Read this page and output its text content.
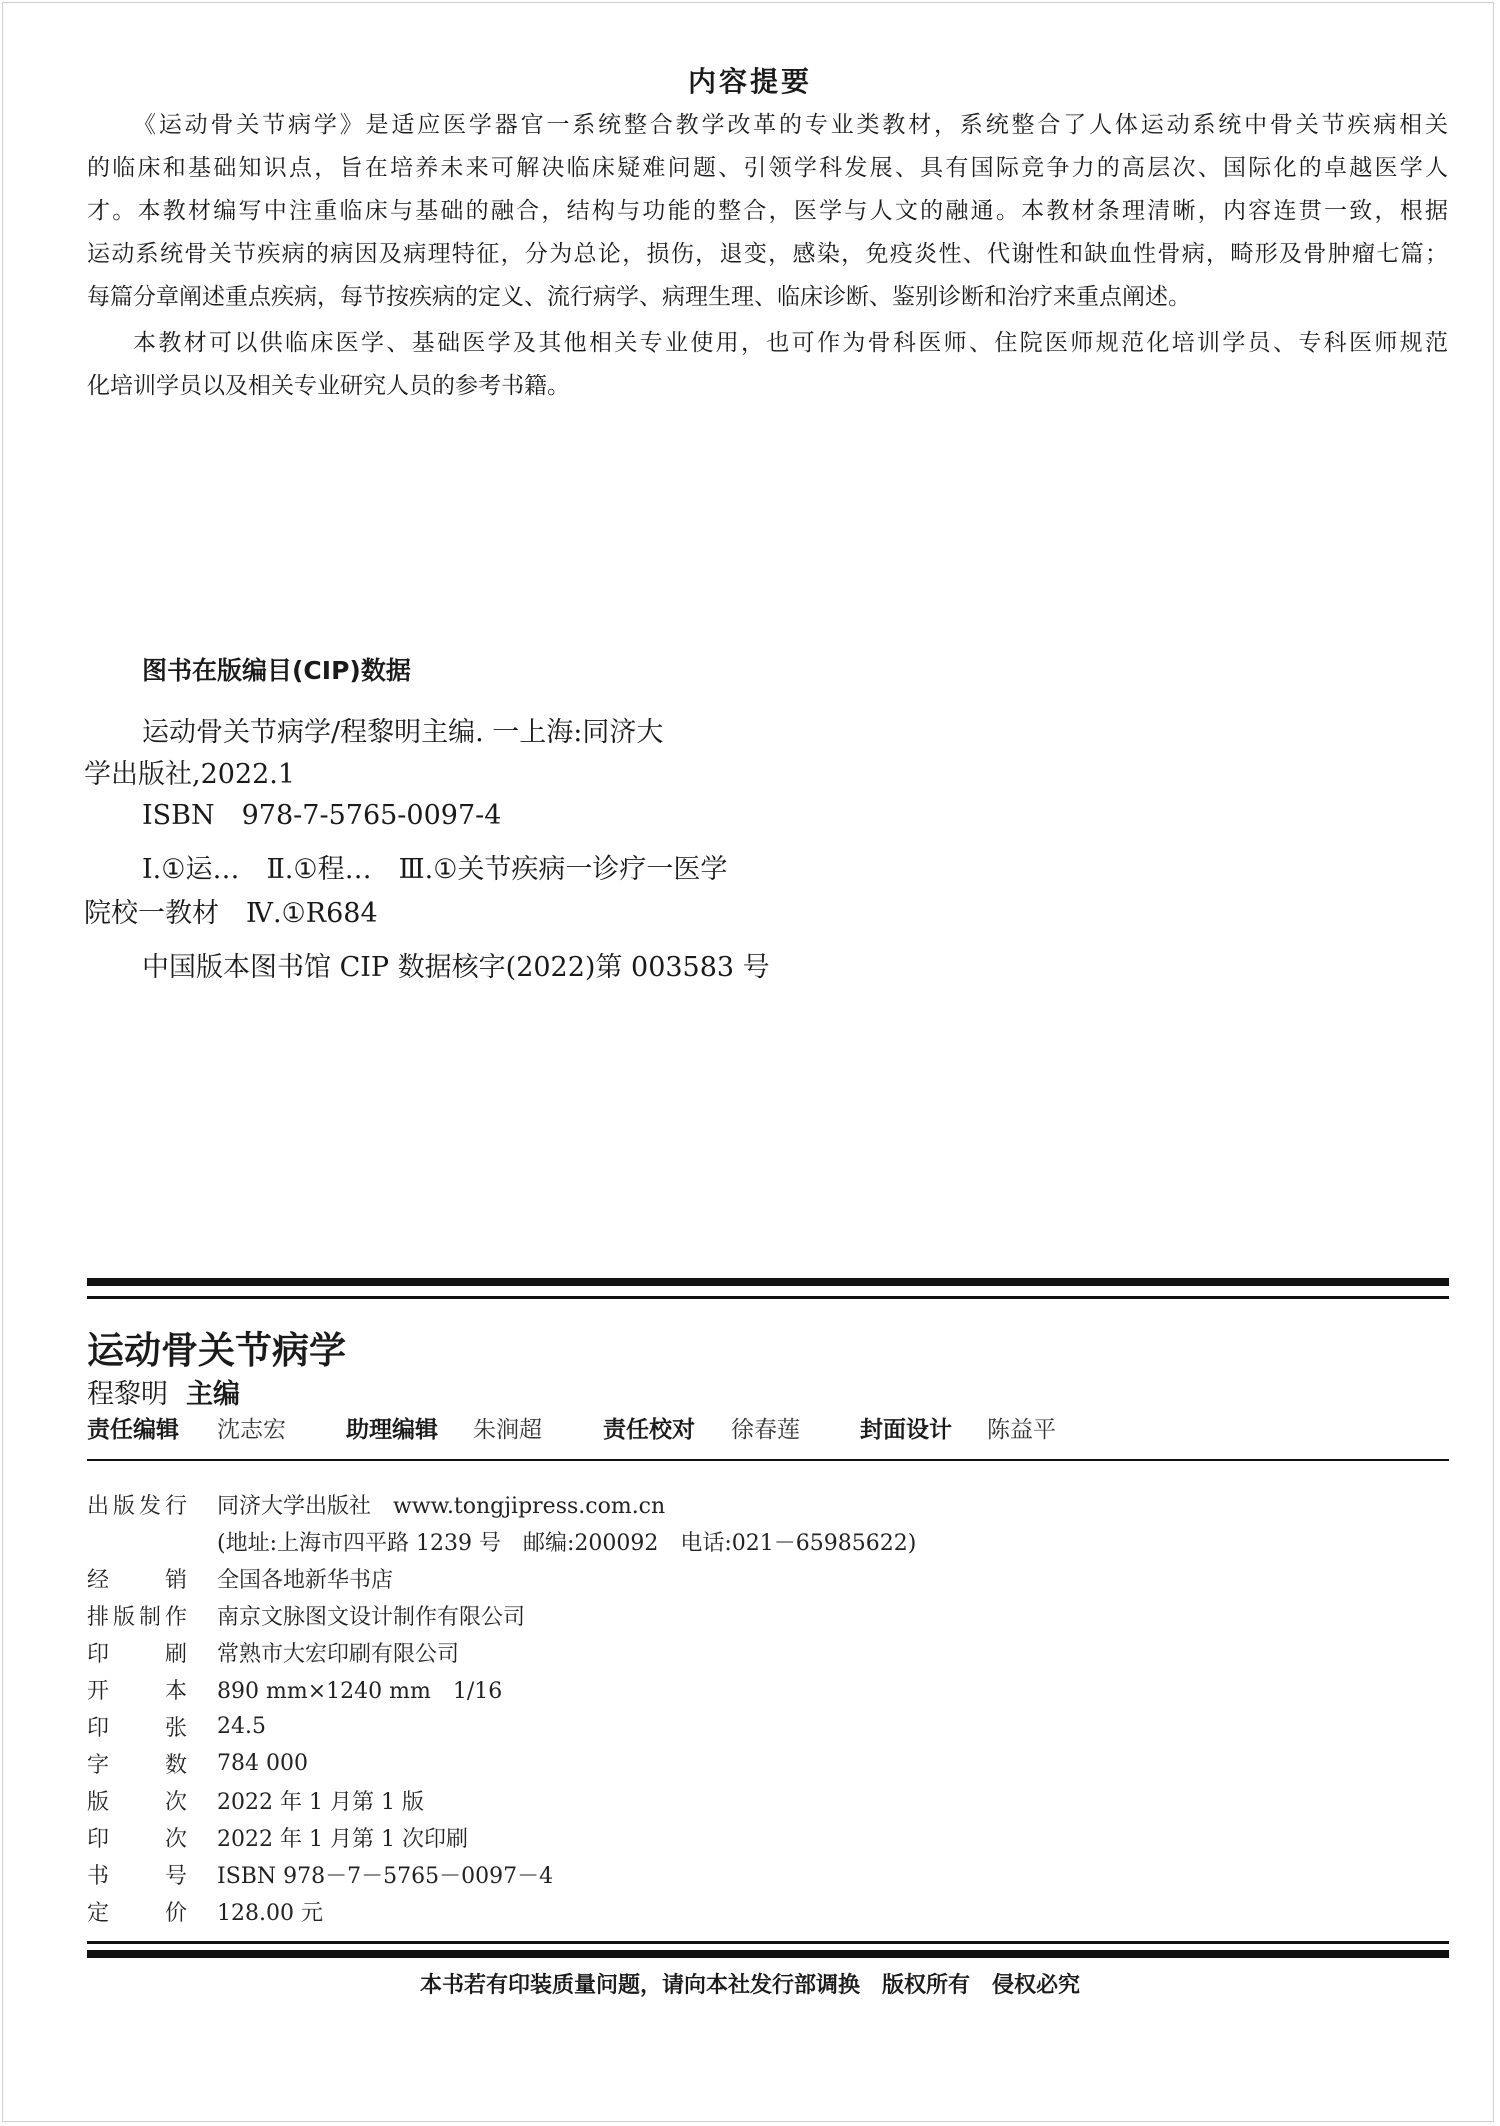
内容提要
《运动骨关节病学》是适应医学器官一系统整合教学改革的专业类教材，系统整合了人体运动系统中骨关节疾病相关
的临床和基础知识点，旨在培养未来可解决临床疑难问题、引领学科发展、具有国际竞争力的高层次、国际化的卓越医学人
才。本教材编写中注重临床与基础的融合，结构与功能的整合，医学与人文的融通。本教材条理清晰，内容连贯一致，根据
运动系统骨关节疾病的病因及病理特征，分为总论，损伤，退变，感染，免疫炎性、代谢性和缺血性骨病，畸形及骨肿瘤七篇；
每篇分章阐述重点疾病，每节按疾病的定义、流行病学、病理生理、临床诊断、鉴别诊断和治疗来重点阐述。
本教材可以供临床医学、基础医学及其他相关专业使用，也可作为骨科医师、住院医师规范化培训学员、专科医师规范
化培训学员以及相关专业研究人员的参考书籍。
图书在版编目(CIP)数据
运动骨关节病学/程黎明主编. 一上海:同济大
学出版社,2022.1
ISBN　978-7-5765-0097-4
Ⅰ.①运…　Ⅱ.①程…　Ⅲ.①关节疾病一诊疗一医学
院校一教材　Ⅳ.①R684
中国版本图书馆 CIP 数据核字(2022)第 003583 号
运动骨关节病学
程黎明 主编
责任编辑 沈志宏	助理编辑 朱涧超	责任校对 徐春莲	封面设计 陈益平
出版发行 同济大学出版社　www.tongjipress.com.cn
(地址:上海市四平路 1239 号　邮编:200092　电话:021－65985622)
经销 全国各地新华书店
排版制作 南京文脉图文设计制作有限公司
印刷 常熟市大宏印刷有限公司
开本 890 mm×1240 mm　1/16
印张 24.5
字数 784 000
版次 2022 年 1 月第 1 版
印次 2022 年 1 月第 1 次印刷
书号 ISBN 978－7－5765－0097－4
定价 128.00 元
本书若有印装质量问题，请向本社发行部调换　版权所有　侵权必究
